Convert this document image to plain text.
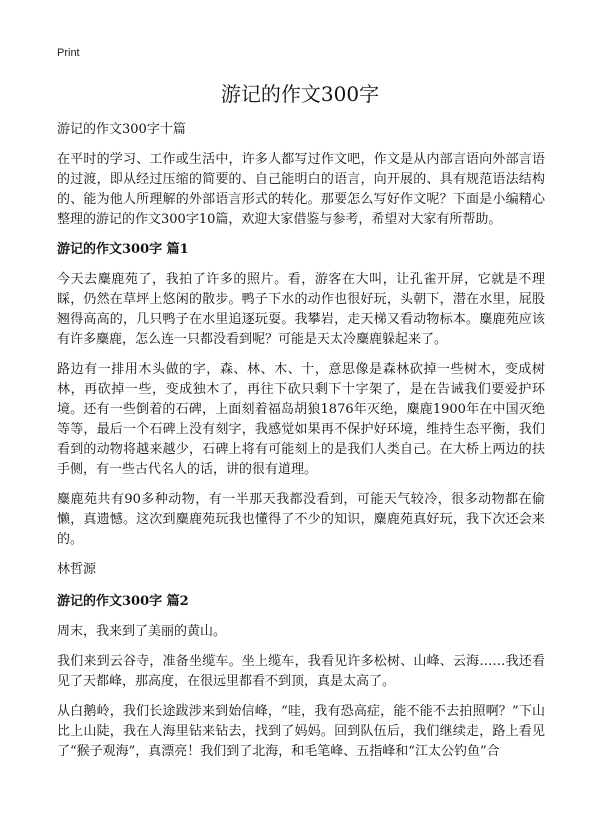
Print
游记的作文300字

游记的作文300字十篇

在平时的学习、工作或生活中，许多人都写过作文吧，作文是从内部言语向外部言语的过渡，即从经过压缩的简要的、自己能明白的语言，向开展的、具有规范语法结构的、能为他人所理解的外部语言形式的转化。那要怎么写好作文呢？下面是小编精心整理的游记的作文300字10篇，欢迎大家借鉴与参考，希望对大家有所帮助。

游记的作文300字 篇1

今天去麋鹿苑了，我拍了许多的照片。看，游客在大叫，让孔雀开屏，它就是不理睬，仍然在草坪上悠闲的散步。鸭子下水的动作也很好玩，头朝下，潜在水里，屁股翘得高高的，几只鸭子在水里追逐玩耍。我攀岩，走天梯又看动物标本。麋鹿苑应该有许多麋鹿，怎么连一只都没看到呢？可能是天太冷麋鹿躲起来了。

路边有一排用木头做的字，森、林、木、十，意思像是森林砍掉一些树木，变成树林，再砍掉一些，变成独木了，再往下砍只剩下十字架了，是在告诫我们要爱护环境。还有一些倒着的石碑，上面刻着福岛胡狼1876年灭绝，麋鹿1900年在中国灭绝等等，最后一个石碑上没有刻字，我感觉如果再不保护好环境，维持生态平衡，我们看到的动物将越来越少，石碑上将有可能刻上的是我们人类自己。在大桥上两边的扶手侧，有一些古代名人的话，讲的很有道理。

麋鹿苑共有90多种动物，有一半那天我都没看到，可能天气较冷，很多动物都在偷懒，真遗憾。这次到麋鹿苑玩我也懂得了不少的知识，麋鹿苑真好玩，我下次还会来的。

林哲源

游记的作文300字 篇2

周末，我来到了美丽的黄山。

我们来到云谷寺，准备坐缆车。坐上缆车，我看见许多松树、山峰、云海……我还看见了天都峰，那高度，在很远里都看不到顶，真是太高了。

从白鹅岭，我们长途跋涉来到始信峰，“哇，我有恐高症，能不能不去拍照啊？”下山比上山陡，我在人海里钻来钻去，找到了妈妈。回到队伍后，我们继续走，路上看见了“猴子观海”，真漂亮！我们到了北海，和毛笔峰、五指峰和“江太公钓鱼”合
